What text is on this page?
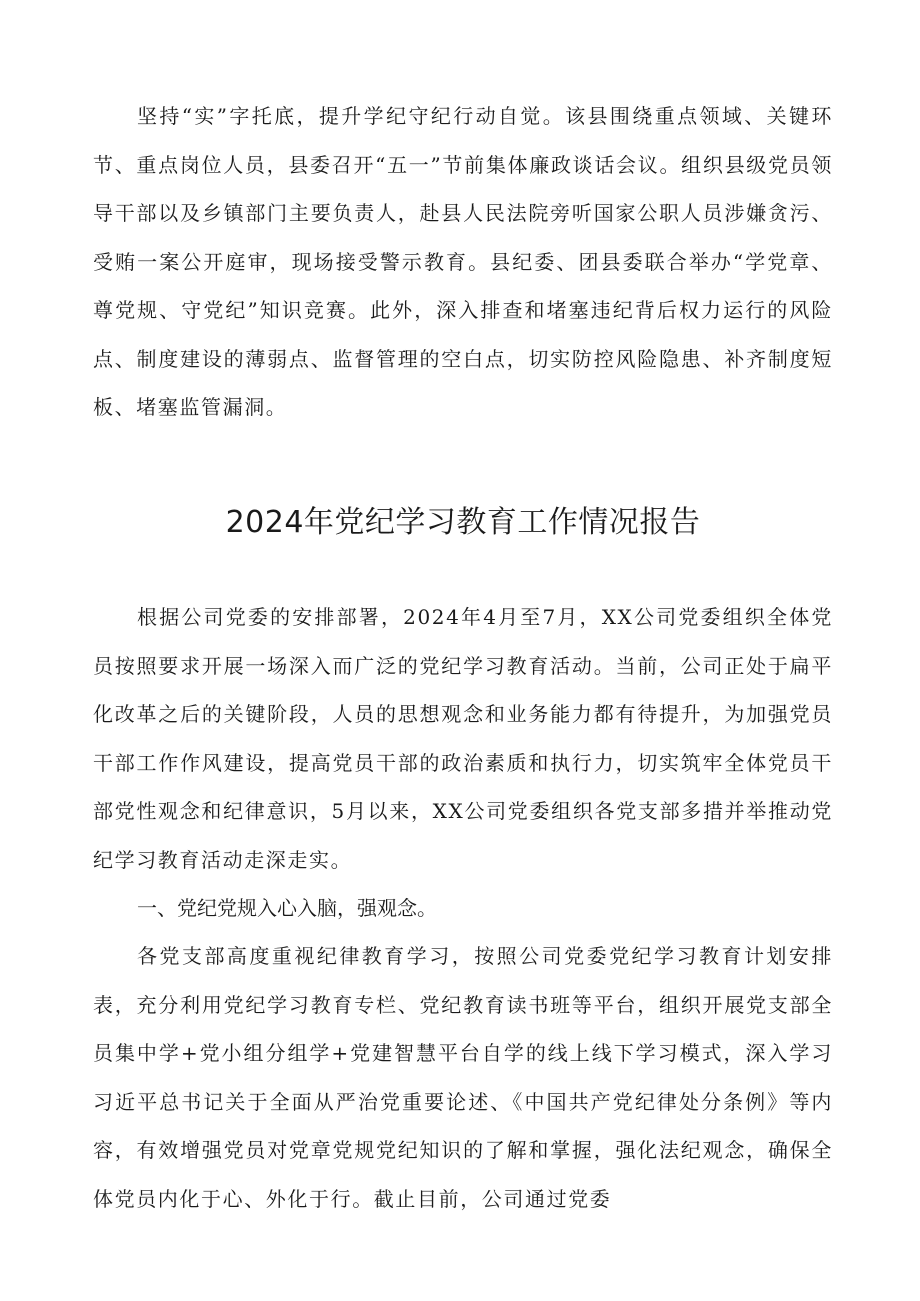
坚持“实”字托底，提升学纪守纪行动自觉。该县围绕重点领域、关键环节、重点岗位人员，县委召开“五一”节前集体廉政谈话会议。组织县级党员领导干部以及乡镇部门主要负责人，赴县人民法院旁听国家公职人员涉嫌贪污、受贿一案公开庭审，现场接受警示教育。县纪委、团县委联合举办“学党章、尊党规、守党纪”知识竞赛。此外，深入排查和堵塞违纪背后权力运行的风险点、制度建设的薄弱点、监督管理的空白点，切实防控风险隐患、补齐制度短板、堵塞监管漏洞。

2024年党纪学习教育工作情况报告

根据公司党委的安排部署，2024年4月至7月，XX公司党委组织全体党员按照要求开展一场深入而广泛的党纪学习教育活动。当前，公司正处于扁平化改革之后的关键阶段，人员的思想观念和业务能力都有待提升，为加强党员干部工作作风建设，提高党员干部的政治素质和执行力，切实筑牢全体党员干部党性观念和纪律意识，5月以来，XX公司党委组织各党支部多措并举推动党纪学习教育活动走深走实。

一、党纪党规入心入脑，强观念。

各党支部高度重视纪律教育学习，按照公司党委党纪学习教育计划安排表，充分利用党纪学习教育专栏、党纪教育读书班等平台，组织开展党支部全员集中学+党小组分组学+党建智慧平台自学的线上线下学习模式，深入学习习近平总书记关于全面从严治党重要论述、《中国共产党纪律处分条例》等内容，有效增强党员对党章党规党纪知识的了解和掌握，强化法纪观念，确保全体党员内化于心、外化于行。截止目前，公司通过党委
